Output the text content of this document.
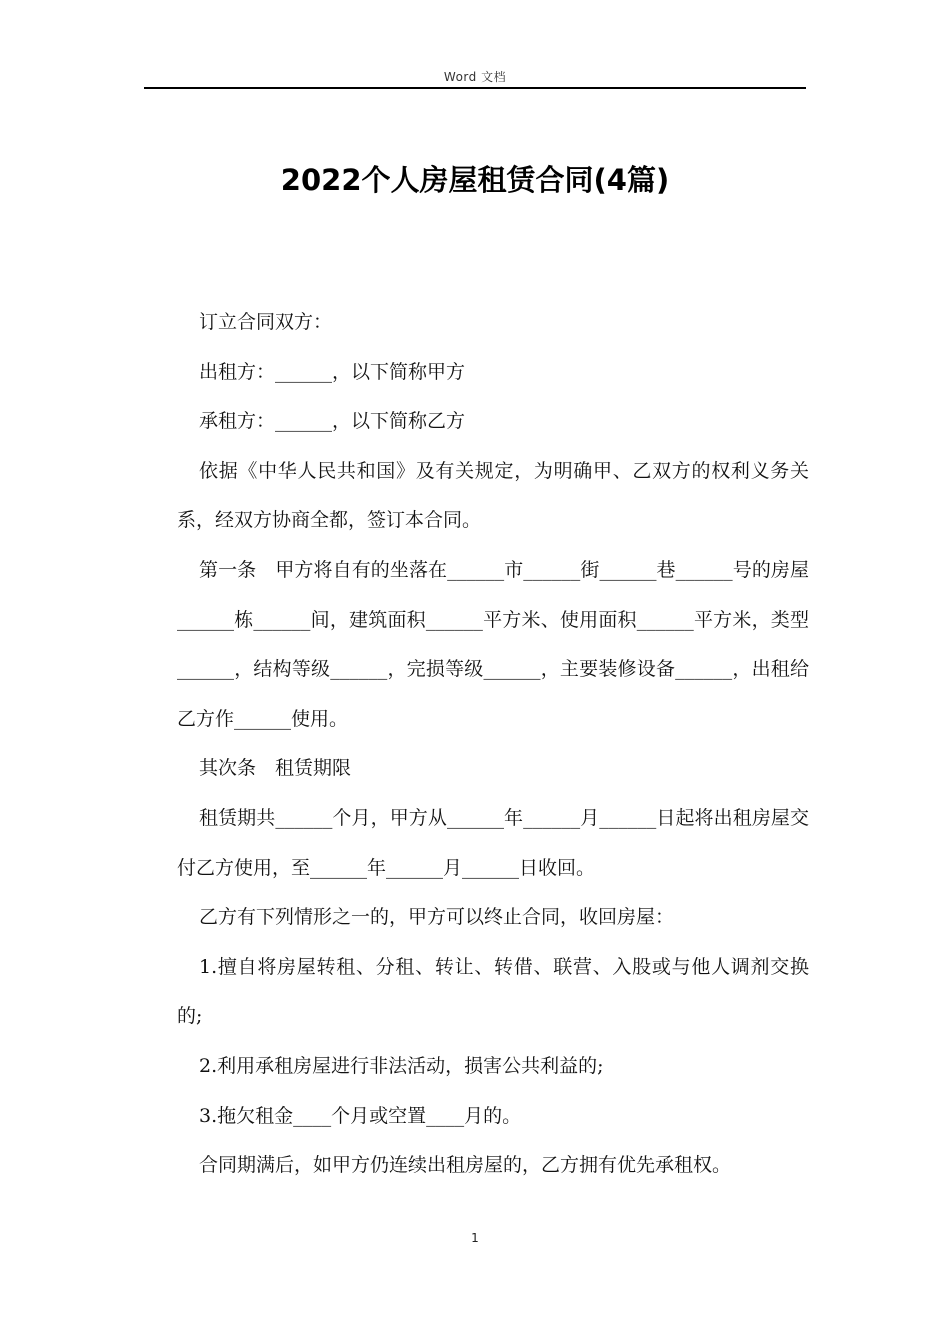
Word 文档
2022个人房屋租赁合同(4篇)

订立合同双方：

出租方：______，以下简称甲方

承租方：______，以下简称乙方

依据《中华人民共和国》及有关规定，为明确甲、乙双方的权利义务关系，经双方协商全都，签订本合同。

第一条　甲方将自有的坐落在______市______街______巷______号的房屋______栋______间，建筑面积______平方米、使用面积______平方米，类型______，结构等级______，完损等级______，主要装修设备______，出租给乙方作______使用。

其次条　租赁期限

租赁期共______个月，甲方从______年______月______日起将出租房屋交付乙方使用，至______年______月______日收回。

乙方有下列情形之一的，甲方可以终止合同，收回房屋：

1.擅自将房屋转租、分租、转让、转借、联营、入股或与他人调剂交换的;

2.利用承租房屋进行非法活动，损害公共利益的;

3.拖欠租金____个月或空置____月的。

合同期满后，如甲方仍连续出租房屋的，乙方拥有优先承租权。

1
